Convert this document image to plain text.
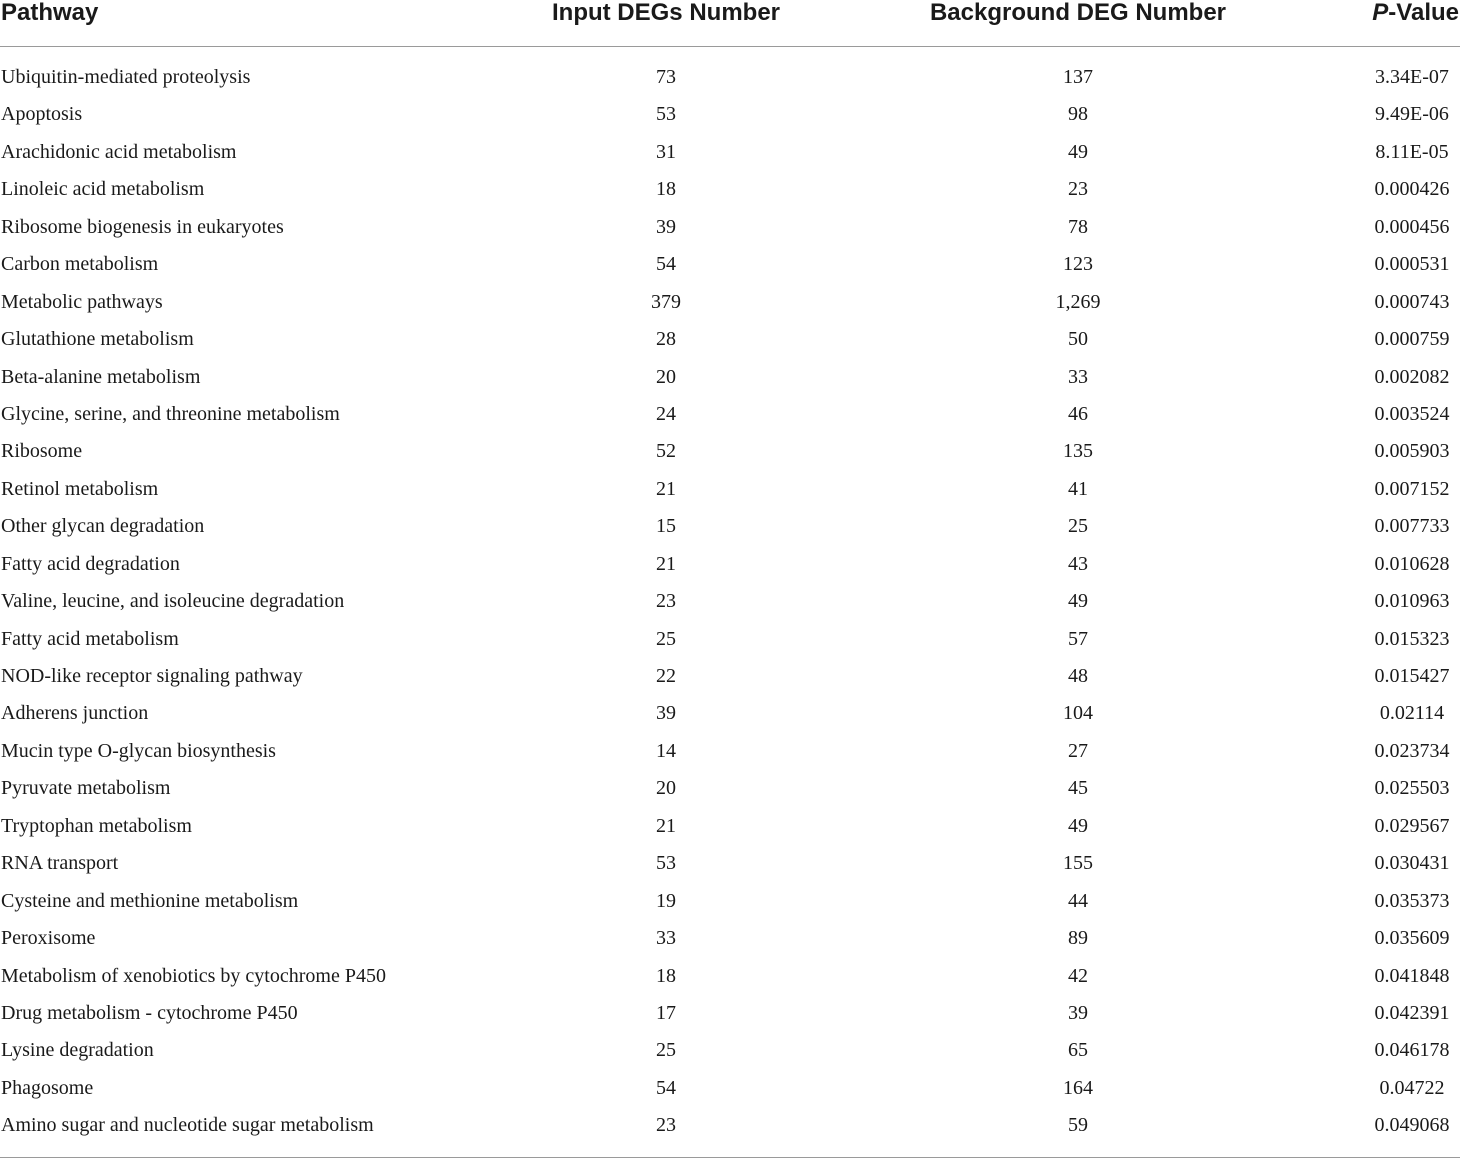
Pathway	Input DEGs Number	Background DEG Number	P-Value
Ubiquitin-mediated proteolysis	73	137	3.34E-07
Apoptosis	53	98	9.49E-06
Arachidonic acid metabolism	31	49	8.11E-05
Linoleic acid metabolism	18	23	0.000426
Ribosome biogenesis in eukaryotes	39	78	0.000456
Carbon metabolism	54	123	0.000531
Metabolic pathways	379	1,269	0.000743
Glutathione metabolism	28	50	0.000759
Beta-alanine metabolism	20	33	0.002082
Glycine, serine, and threonine metabolism	24	46	0.003524
Ribosome	52	135	0.005903
Retinol metabolism	21	41	0.007152
Other glycan degradation	15	25	0.007733
Fatty acid degradation	21	43	0.010628
Valine, leucine, and isoleucine degradation	23	49	0.010963
Fatty acid metabolism	25	57	0.015323
NOD-like receptor signaling pathway	22	48	0.015427
Adherens junction	39	104	0.02114
Mucin type O-glycan biosynthesis	14	27	0.023734
Pyruvate metabolism	20	45	0.025503
Tryptophan metabolism	21	49	0.029567
RNA transport	53	155	0.030431
Cysteine and methionine metabolism	19	44	0.035373
Peroxisome	33	89	0.035609
Metabolism of xenobiotics by cytochrome P450	18	42	0.041848
Drug metabolism - cytochrome P450	17	39	0.042391
Lysine degradation	25	65	0.046178
Phagosome	54	164	0.04722
Amino sugar and nucleotide sugar metabolism	23	59	0.049068
